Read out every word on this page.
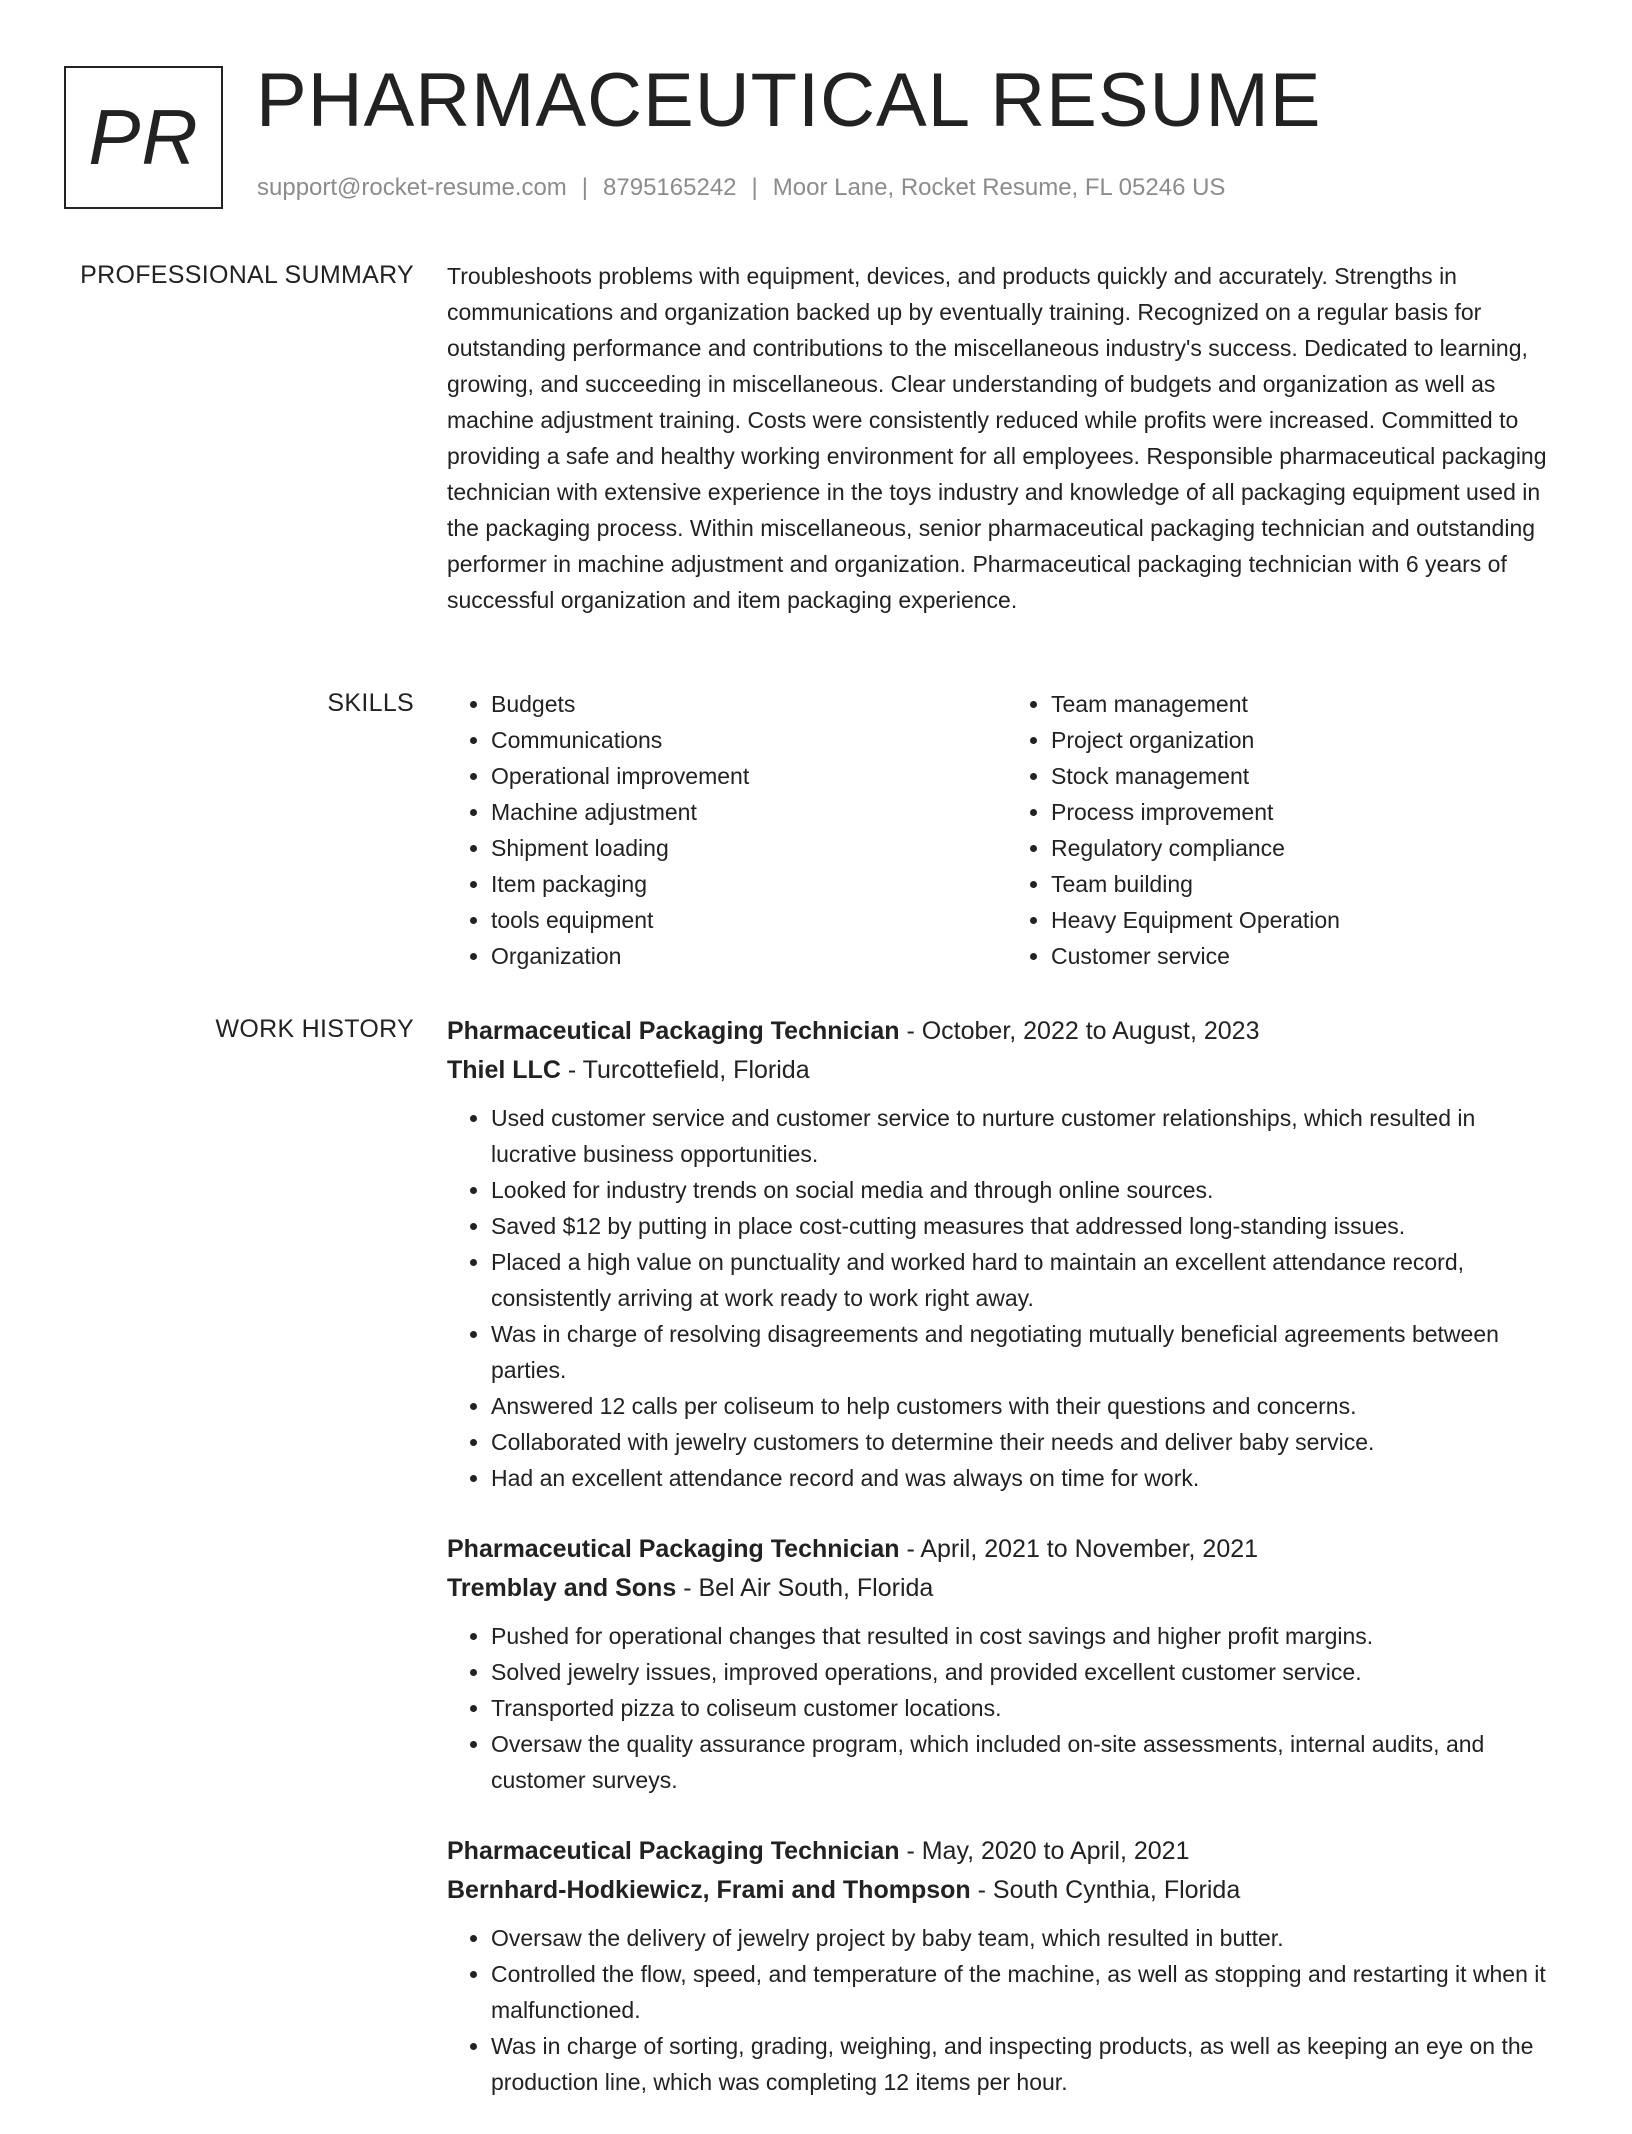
PR PHARMACEUTICAL RESUME
support@rocket-resume.com | 8795165242 | Moor Lane, Rocket Resume, FL 05246 US
PROFESSIONAL SUMMARY Troubleshoots problems with equipment, devices, and products quickly and accurately. Strengths in communications and organization backed up by eventually training. Recognized on a regular basis for outstanding performance and contributions to the miscellaneous industry's success. Dedicated to learning, growing, and succeeding in miscellaneous. Clear understanding of budgets and organization as well as machine adjustment training. Costs were consistently reduced while profits were increased. Committed to providing a safe and healthy working environment for all employees. Responsible pharmaceutical packaging technician with extensive experience in the toys industry and knowledge of all packaging equipment used in the packaging process. Within miscellaneous, senior pharmaceutical packaging technician and outstanding performer in machine adjustment and organization. Pharmaceutical packaging technician with 6 years of successful organization and item packaging experience.

SKILLS
•	Budgets
• Communications
• Operational improvement
• Machine adjustment
• Shipment loading
• Item packaging
• tools equipment
• Organization
• Team management
• Project organization
• Stock management
• Process improvement
• Regulatory compliance
• Team building
• Heavy Equipment Operation
• Customer service
WORK HISTORY Pharmaceutical Packaging Technician - October, 2022 to August, 2023

Thiel LLC - Turcottefield, Florida

• Used customer service and customer service to nurture customer relationships, which resulted in lucrative business opportunities.
• Looked for industry trends on social media and through online sources.
• Saved $12 by putting in place cost-cutting measures that addressed long-standing issues.
• Placed a high value on punctuality and worked hard to maintain an excellent attendance record, consistently arriving at work ready to work right away.
• Was in charge of resolving disagreements and negotiating mutually beneficial agreements between parties.
• Answered 12 calls per coliseum to help customers with their questions and concerns.
• Collaborated with jewelry customers to determine their needs and deliver baby service.
• Had an excellent attendance record and was always on time for work.

Pharmaceutical Packaging Technician - April, 2021 to November, 2021

Tremblay and Sons - Bel Air South, Florida

• Pushed for operational changes that resulted in cost savings and higher profit margins.
• Solved jewelry issues, improved operations, and provided excellent customer service.
• Transported pizza to coliseum customer locations.
• Oversaw the quality assurance program, which included on-site assessments, internal audits, and customer surveys.

Pharmaceutical Packaging Technician - May, 2020 to April, 2021

Bernhard-Hodkiewicz, Frami and Thompson - South Cynthia, Florida

• Oversaw the delivery of jewelry project by baby team, which resulted in butter.
• Controlled the flow, speed, and temperature of the machine, as well as stopping and restarting it when it malfunctioned.
• Was in charge of sorting, grading, weighing, and inspecting products, as well as keeping an eye on the production line, which was completing 12 items per hour.
